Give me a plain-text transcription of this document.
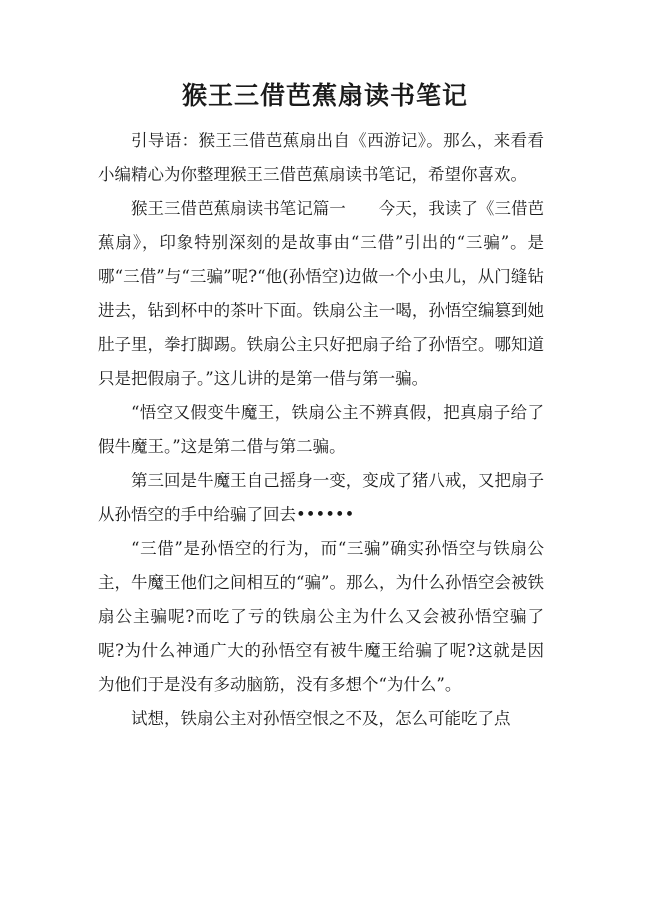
猴王三借芭蕉扇读书笔记

引导语：猴王三借芭蕉扇出自《西游记》。那么，来看看小编精心为你整理猴王三借芭蕉扇读书笔记，希望你喜欢。

猴王三借芭蕉扇读书笔记篇一　　今天，我读了《三借芭蕉扇》，印象特别深刻的是故事由“三借”引出的“三骗”。是哪“三借”与“三骗”呢?“他(孙悟空)边做一个小虫儿，从门缝钻进去，钻到杯中的茶叶下面。铁扇公主一喝，孙悟空编篡到她肚子里，拳打脚踢。铁扇公主只好把扇子给了孙悟空。哪知道只是把假扇子。”这儿讲的是第一借与第一骗。

“悟空又假变牛魔王，铁扇公主不辨真假，把真扇子给了假牛魔王。”这是第二借与第二骗。

第三回是牛魔王自己摇身一变，变成了猪八戒，又把扇子从孙悟空的手中给骗了回去••••••

“三借”是孙悟空的行为，而“三骗”确实孙悟空与铁扇公主，牛魔王他们之间相互的“骗”。那么，为什么孙悟空会被铁扇公主骗呢?而吃了亏的铁扇公主为什么又会被孙悟空骗了呢?为什么神通广大的孙悟空有被牛魔王给骗了呢?这就是因为他们于是没有多动脑筋，没有多想个“为什么”。

试想，铁扇公主对孙悟空恨之不及，怎么可能吃了点
